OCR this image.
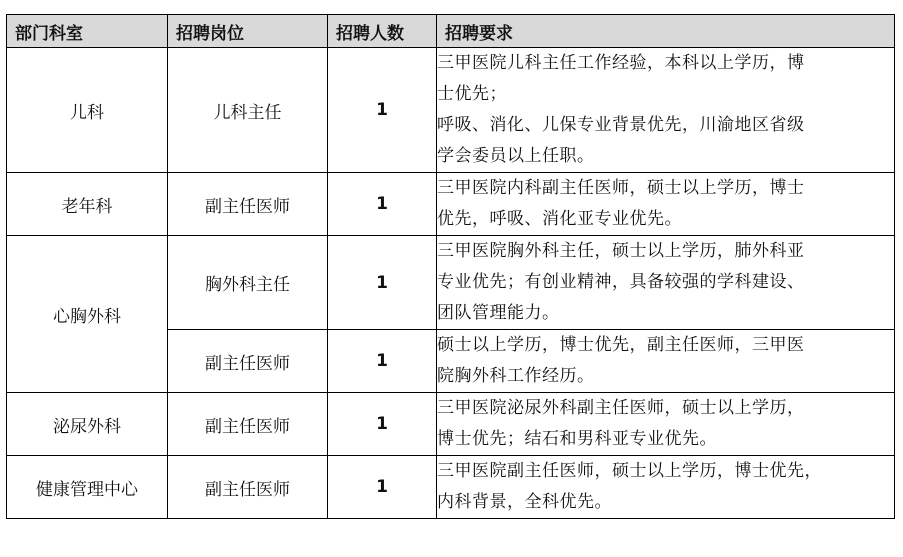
部门科室	招聘岗位	招聘人数	招聘要求
儿科	儿科主任	1	三甲医院儿科主任工作经验，本科以上学历，博
士优先；
呼吸、消化、儿保专业背景优先，川渝地区省级
学会委员以上任职。

老年科	副主任医师	1	三甲医院内科副主任医师，硕士以上学历，博士
优先，呼吸、消化亚专业优先。

心胸外科	胸外科主任	1	三甲医院胸外科主任，硕士以上学历，肺外科亚
专业优先；有创业精神，具备较强的学科建设、
团队管理能力。

	副主任医师	1	硕士以上学历，博士优先，副主任医师，三甲医
院胸外科工作经历。

泌尿外科	副主任医师	1	三甲医院泌尿外科副主任医师，硕士以上学历，
博士优先；结石和男科亚专业优先。

健康管理中心	副主任医师	1	三甲医院副主任医师，硕士以上学历，博士优先，
内科背景，全科优先。
